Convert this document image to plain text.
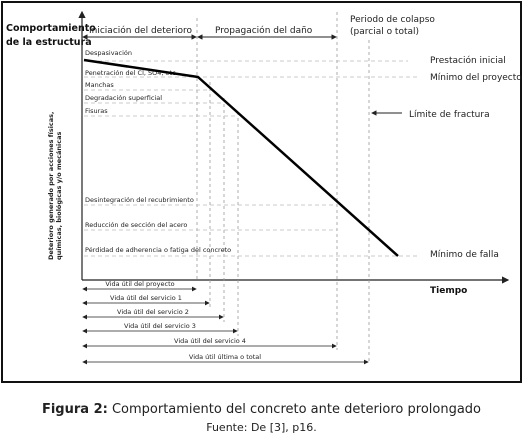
Comportamiento
de la estructura
Deterioro generado por acciones físicas, químicas, biológicas y/o mecánicas
Tiempo
Iniciación del deterioro	Propagación del daño
Periodo de colapso
(parcial o total)
Despasivación
Penetración del Cl, SO4, etc.
Manchas
Degradación superficial
Fisuras
Desintegración del recubrimiento
Reducción de sección del acero
Pérdidad de adherencia o fatiga del concreto
Prestación inicial
Mínimo del proyecto
Límite de fractura
Mínimo de falla
Vida útil del proyecto
Vida útil del servicio 1
Vida útil del servicio 2
Vida útil del servicio 3
Vida útil del servicio 4
Vida útil última o total
Figura 2: Comportamiento del concreto ante deterioro prolongado
Fuente: De [3], p16.
